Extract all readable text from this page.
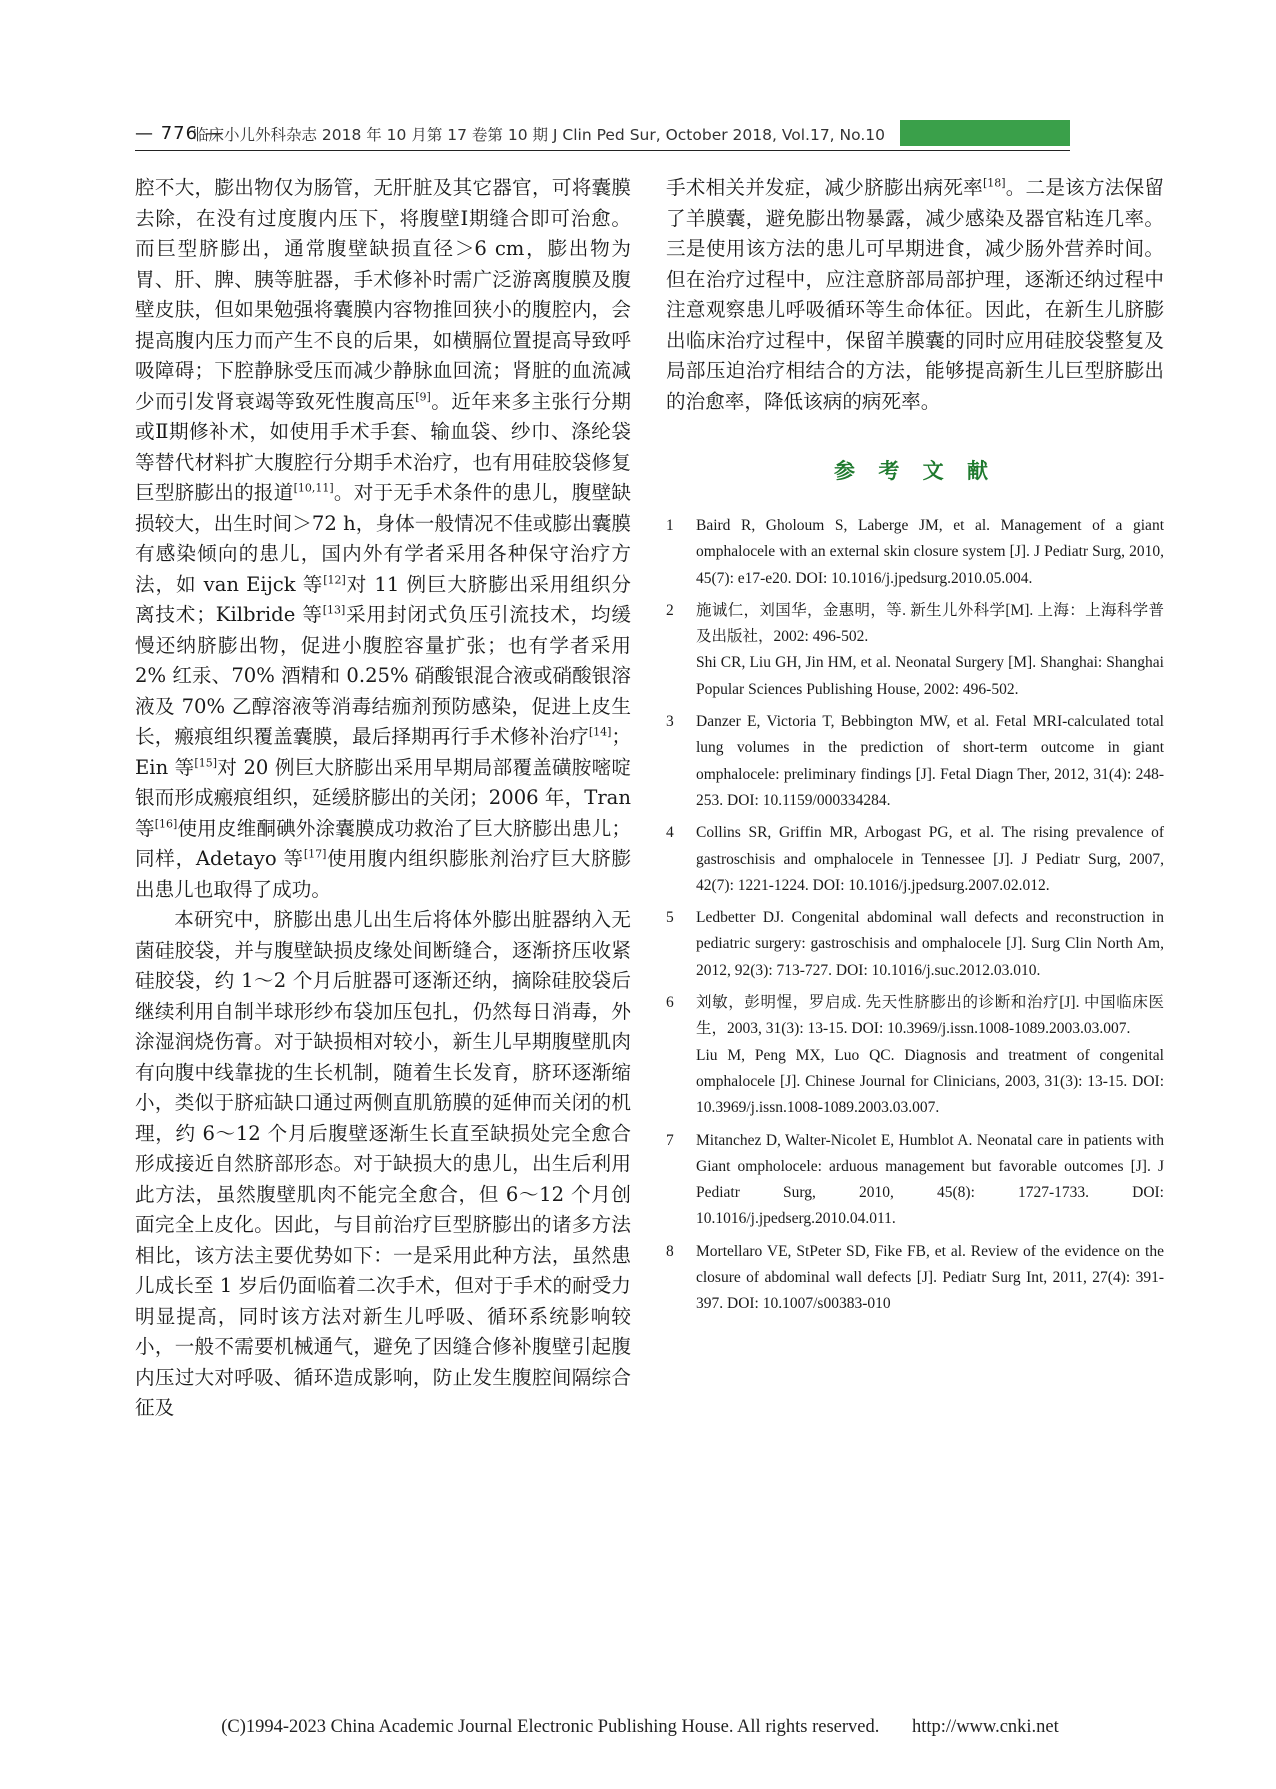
— 776 —
临床小儿外科杂志 2018 年 10 月第 17 卷第 10 期 J Clin Ped Sur, October 2018, Vol.17, No.10

腔不大，膨出物仅为肠管，无肝脏及其它器官，可将囊膜去除，在没有过度腹内压下，将腹壁Ⅰ期缝合即可治愈。而巨型脐膨出，通常腹壁缺损直径＞6 cm，膨出物为胃、肝、脾、胰等脏器，手术修补时需广泛游离腹膜及腹壁皮肤，但如果勉强将囊膜内容物推回狭小的腹腔内，会提高腹内压力而产生不良的后果，如横膈位置提高导致呼吸障碍；下腔静脉受压而减少静脉血回流；肾脏的血流减少而引发肾衰竭等致死性腹高压[9]。近年来多主张行分期或Ⅱ期修补术，如使用手术手套、输血袋、纱巾、涤纶袋等替代材料扩大腹腔行分期手术治疗，也有用硅胶袋修复巨型脐膨出的报道[10,11]。对于无手术条件的患儿，腹壁缺损较大，出生时间＞72 h，身体一般情况不佳或膨出囊膜有感染倾向的患儿，国内外有学者采用各种保守治疗方法，如 van Eijck 等[12]对 11 例巨大脐膨出采用组织分离技术；Kilbride 等[13]采用封闭式负压引流技术，均缓慢还纳脐膨出物，促进小腹腔容量扩张；也有学者采用 2% 红汞、70% 酒精和 0.25% 硝酸银混合液或硝酸银溶液及 70% 乙醇溶液等消毒结痂剂预防感染，促进上皮生长，瘢痕组织覆盖囊膜，最后择期再行手术修补治疗[14]；Ein 等[15]对 20 例巨大脐膨出采用早期局部覆盖磺胺嘧啶银而形成瘢痕组织，延缓脐膨出的关闭；2006 年，Tran 等[16]使用皮维酮碘外涂囊膜成功救治了巨大脐膨出患儿；同样，Adetayo 等[17]使用腹内组织膨胀剂治疗巨大脐膨出患儿也取得了成功。

本研究中，脐膨出患儿出生后将体外膨出脏器纳入无菌硅胶袋，并与腹壁缺损皮缘处间断缝合，逐渐挤压收紧硅胶袋，约 1～2 个月后脏器可逐渐还纳，摘除硅胶袋后继续利用自制半球形纱布袋加压包扎，仍然每日消毒，外涂湿润烧伤膏。对于缺损相对较小，新生儿早期腹壁肌肉有向腹中线靠拢的生长机制，随着生长发育，脐环逐渐缩小，类似于脐疝缺口通过两侧直肌筋膜的延伸而关闭的机理，约 6～12 个月后腹壁逐渐生长直至缺损处完全愈合形成接近自然脐部形态。对于缺损大的患儿，出生后利用此方法，虽然腹壁肌肉不能完全愈合，但 6～12 个月创面完全上皮化。因此，与目前治疗巨型脐膨出的诸多方法相比，该方法主要优势如下：一是采用此种方法，虽然患儿成长至 1 岁后仍面临着二次手术，但对于手术的耐受力明显提高，同时该方法对新生儿呼吸、循环系统影响较小，一般不需要机械通气，避免了因缝合修补腹壁引起腹内压过大对呼吸、循环造成影响，防止发生腹腔间隔综合征及

手术相关并发症，减少脐膨出病死率[18]。二是该方法保留了羊膜囊，避免膨出物暴露，减少感染及器官粘连几率。三是使用该方法的患儿可早期进食，减少肠外营养时间。但在治疗过程中，应注意脐部局部护理，逐渐还纳过程中注意观察患儿呼吸循环等生命体征。因此，在新生儿脐膨出临床治疗过程中，保留羊膜囊的同时应用硅胶袋整复及局部压迫治疗相结合的方法，能够提高新生儿巨型脐膨出的治愈率，降低该病的病死率。

参 考 文 献
1 Baird R, Gholoum S, Laberge JM, et al. Management of a giant omphalocele with an external skin closure system [J]. J Pediatr Surg, 2010, 45(7): e17-e20. DOI: 10.1016/j.jpedsurg.2010.05.004.

2 施诚仁，刘国华，金惠明，等. 新生儿外科学[M]. 上海：上海科学普及出版社，2002: 496-502.

Shi CR, Liu GH, Jin HM, et al. Neonatal Surgery [M]. Shanghai: Shanghai Popular Sciences Publishing House, 2002: 496-502.

3 Danzer E, Victoria T, Bebbington MW, et al. Fetal MRI-calculated total lung volumes in the prediction of short-term outcome in giant omphalocele: preliminary findings [J]. Fetal Diagn Ther, 2012, 31(4): 248-253. DOI: 10.1159/000334284.

4 Collins SR, Griffin MR, Arbogast PG, et al. The rising prevalence of gastroschisis and omphalocele in Tennessee [J]. J Pediatr Surg, 2007, 42(7): 1221-1224. DOI: 10.1016/j.jpedsurg.2007.02.012.

5 Ledbetter DJ. Congenital abdominal wall defects and reconstruction in pediatric surgery: gastroschisis and omphalocele [J]. Surg Clin North Am, 2012, 92(3): 713-727. DOI: 10.1016/j.suc.2012.03.010.

6 刘敏，彭明惺，罗启成. 先天性脐膨出的诊断和治疗[J]. 中国临床医生，2003, 31(3): 13-15. DOI: 10.3969/j.issn.1008-1089.2003.03.007.

Liu M, Peng MX, Luo QC. Diagnosis and treatment of congenital omphalocele [J]. Chinese Journal for Clinicians, 2003, 31(3): 13-15. DOI: 10.3969/j.issn.1008-1089.2003.03.007.

7 Mitanchez D, Walter-Nicolet E, Humblot A. Neonatal care in patients with Giant ompholocele: arduous management but favorable outcomes [J]. J Pediatr Surg, 2010, 45(8): 1727-1733. DOI: 10.1016/j.jpedserg.2010.04.011.

8 Mortellaro VE, StPeter SD, Fike FB, et al. Review of the evidence on the closure of abdominal wall defects [J]. Pediatr Surg Int, 2011, 27(4): 391-397. DOI: 10.1007/s00383-010

(C)1994-2023 China Academic Journal Electronic Publishing House. All rights reserved. http://www.cnki.net
